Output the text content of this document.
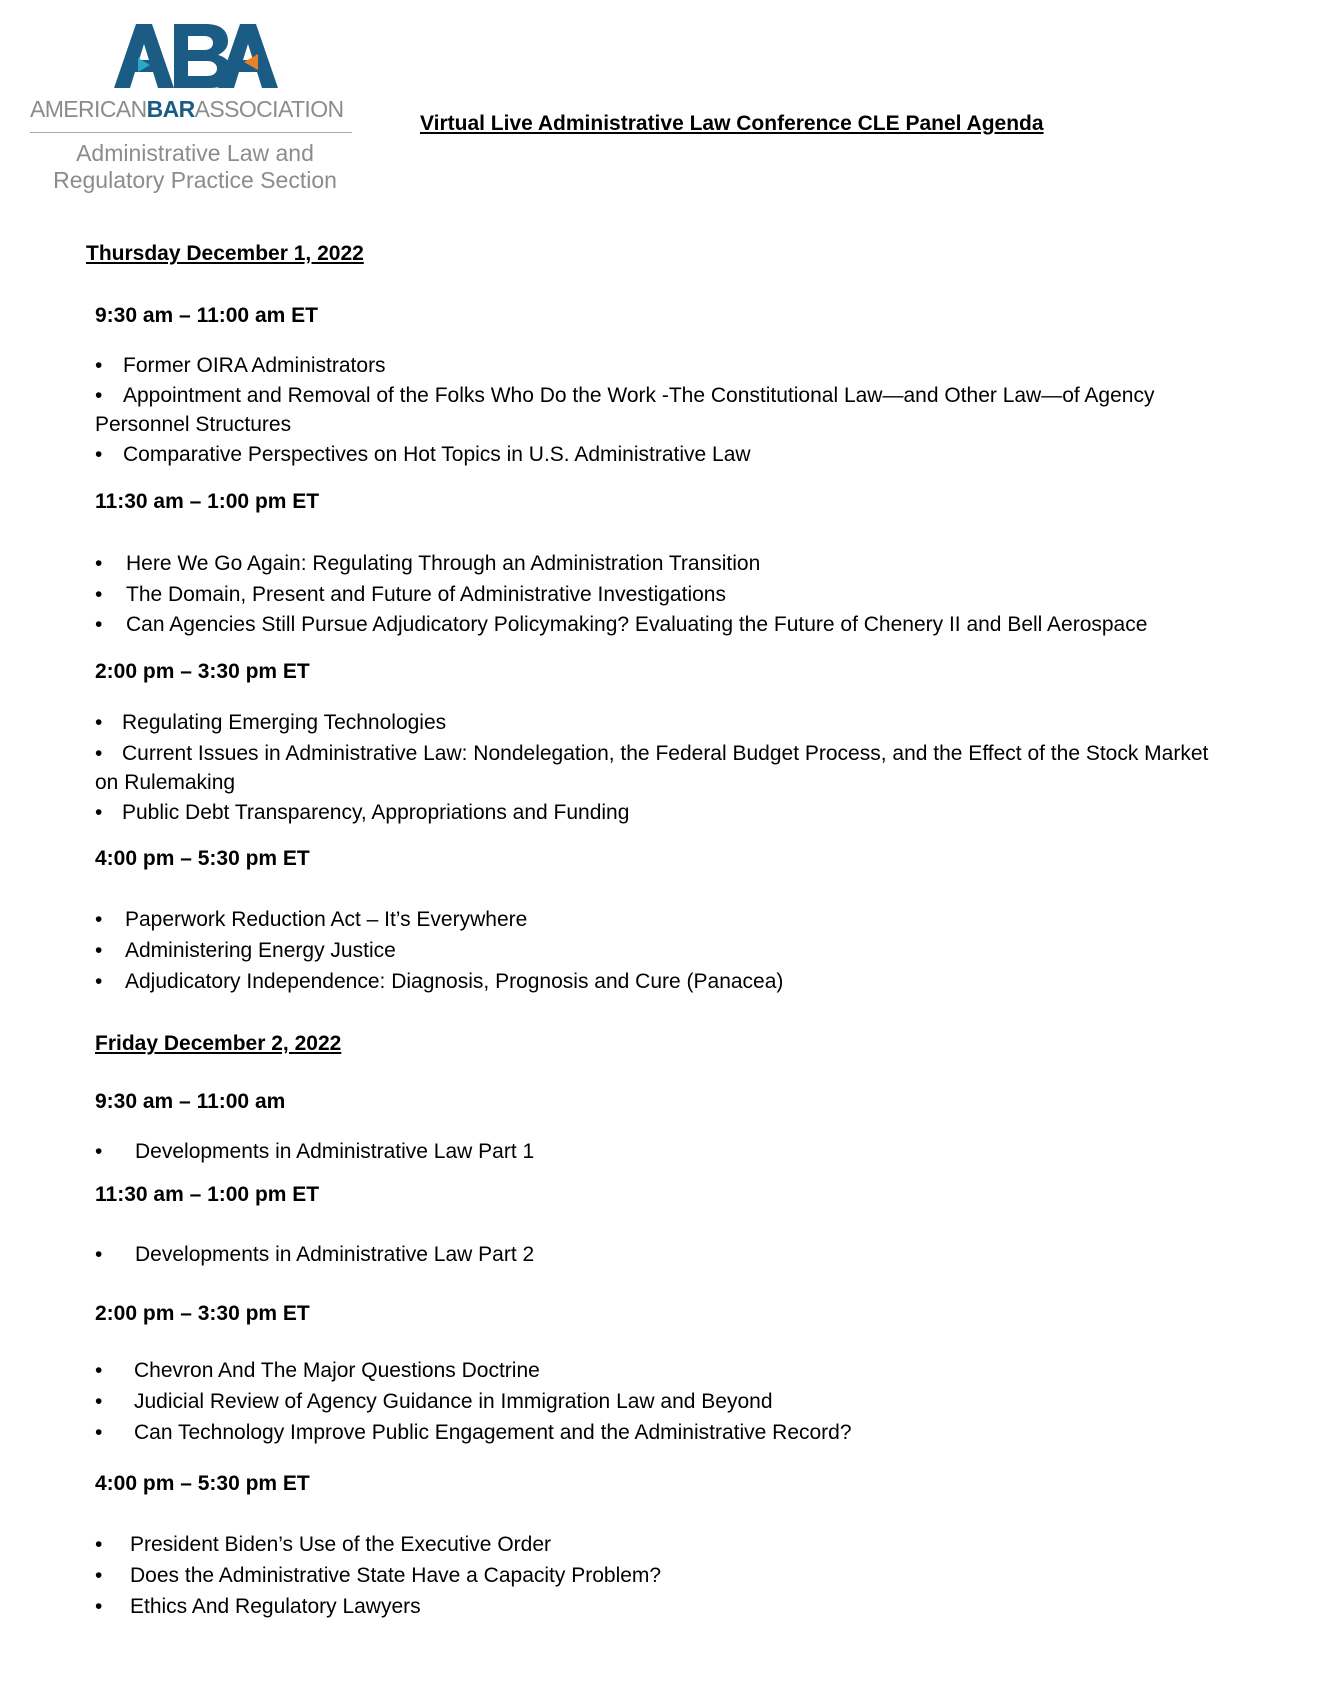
AMERICANBARASSOCIATION
Administrative Law and
Regulatory Practice Section
Virtual Live Administrative Law Conference CLE Panel Agenda
Thursday December 1, 2022
9:30 am – 11:00 am ET
• Former OIRA Administrators
• Appointment and Removal of the Folks Who Do the Work -The Constitutional Law—and Other Law—of Agency Personnel Structures
• Comparative Perspectives on Hot Topics in U.S. Administrative Law
11:30 am – 1:00 pm ET
• Here We Go Again: Regulating Through an Administration Transition
• The Domain, Present and Future of Administrative Investigations
• Can Agencies Still Pursue Adjudicatory Policymaking? Evaluating the Future of Chenery II and Bell Aerospace
2:00 pm – 3:30 pm ET
• Regulating Emerging Technologies
• Current Issues in Administrative Law: Nondelegation, the Federal Budget Process, and the Effect of the Stock Market on Rulemaking
• Public Debt Transparency, Appropriations and Funding
4:00 pm – 5:30 pm ET
• Paperwork Reduction Act – It’s Everywhere
• Administering Energy Justice
• Adjudicatory Independence: Diagnosis, Prognosis and Cure (Panacea)
Friday December 2, 2022
9:30 am – 11:00 am
• Developments in Administrative Law Part 1
11:30 am – 1:00 pm ET
• Developments in Administrative Law Part 2
2:00 pm – 3:30 pm ET
• Chevron And The Major Questions Doctrine
• Judicial Review of Agency Guidance in Immigration Law and Beyond
• Can Technology Improve Public Engagement and the Administrative Record?
4:00 pm – 5:30 pm ET
• President Biden’s Use of the Executive Order
• Does the Administrative State Have a Capacity Problem?
• Ethics And Regulatory Lawyers
